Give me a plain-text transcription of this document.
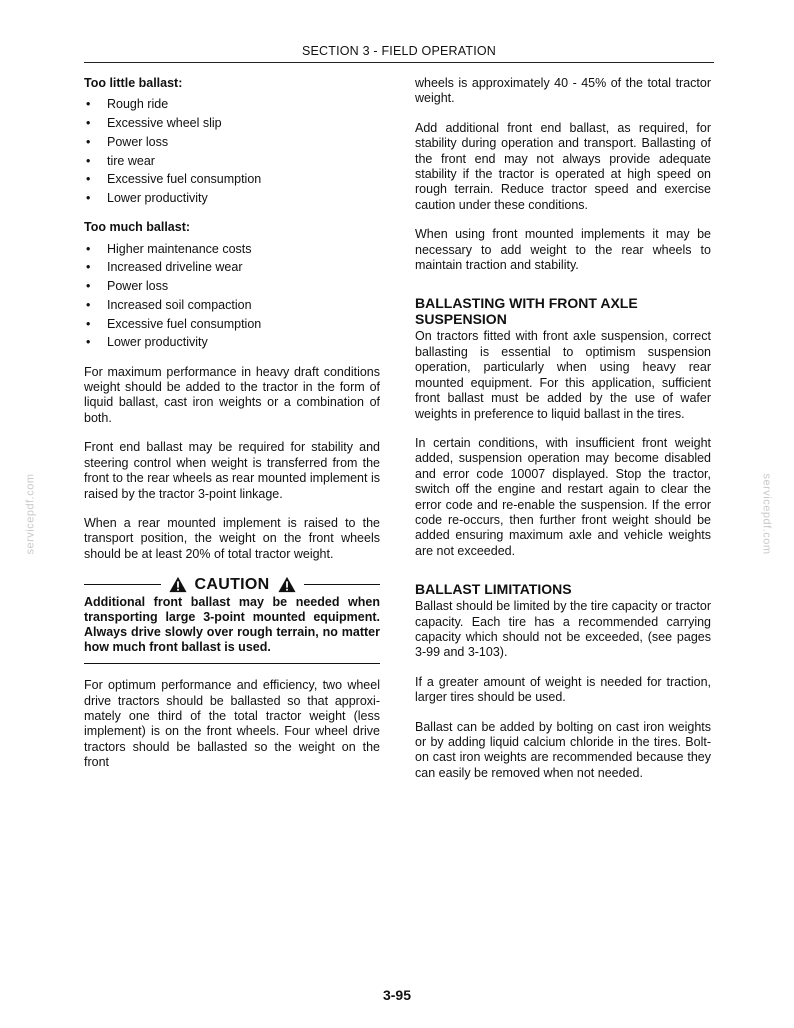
SECTION 3 - FIELD OPERATION
servicepdf.com	servicepdf.com
Too little ballast:
• Rough ride
• Excessive wheel slip
• Power loss
• tire wear
• Excessive fuel consumption
• Lower productivity
Too much ballast:
• Higher maintenance costs
• Increased driveline wear
• Power loss
• Increased soil compaction
• Excessive fuel consumption
• Lower productivity

For maximum performance in heavy draft conditions weight should be added to the tractor in the form of liquid ballast, cast iron weights or a combination of both.

Front end ballast may be required for stability and steering control when weight is transferred from the front to the rear wheels as rear mounted implement is raised by the tractor 3-point linkage.

When a rear mounted implement is raised to the transport position, the weight on the front wheels should be at least 20% of total tractor weight.

CAUTION

Additional front ballast may be needed when transporting large 3-point mounted equipment. Always drive slowly over rough terrain, no matter how much front ballast is used.

For optimum performance and efficiency, two wheel drive tractors should be ballasted so that approxi-mately one third of the total tractor weight (less implement) is on the front wheels. Four wheel drive tractors should be ballasted so the weight on the front

wheels is approximately 40 - 45% of the total tractor weight.

Add additional front end ballast, as required, for stability during operation and transport. Ballasting of the front end may not always provide adequate stability if the tractor is operated at high speed on rough terrain. Reduce tractor speed and exercise caution under these conditions.

When using front mounted implements it may be necessary to add weight to the rear wheels to maintain traction and stability.

BALLASTING WITH FRONT AXLE SUSPENSION

On tractors fitted with front axle suspension, correct ballasting is essential to optimism suspension operation, particularly when using heavy rear mounted equipment. For this application, sufficient front ballast must be added by the use of wafer weights in preference to liquid ballast in the tires.

In certain conditions, with insufficient front weight added, suspension operation may become disabled and error code 10007 displayed. Stop the tractor, switch off the engine and restart again to clear the error code and re-enable the suspension. If the error code re-occurs, then further front weight should be added ensuring maximum axle and vehicle weights are not exceeded.

BALLAST LIMITATIONS

Ballast should be limited by the tire capacity or tractor capacity. Each tire has a recommended carrying capacity which should not be exceeded, (see pages 3-99 and 3-103).

If a greater amount of weight is needed for traction, larger tires should be used.

Ballast can be added by bolting on cast iron weights or by adding liquid calcium chloride in the tires. Bolt-on cast iron weights are recommended because they can easily be removed when not needed.

3-95
